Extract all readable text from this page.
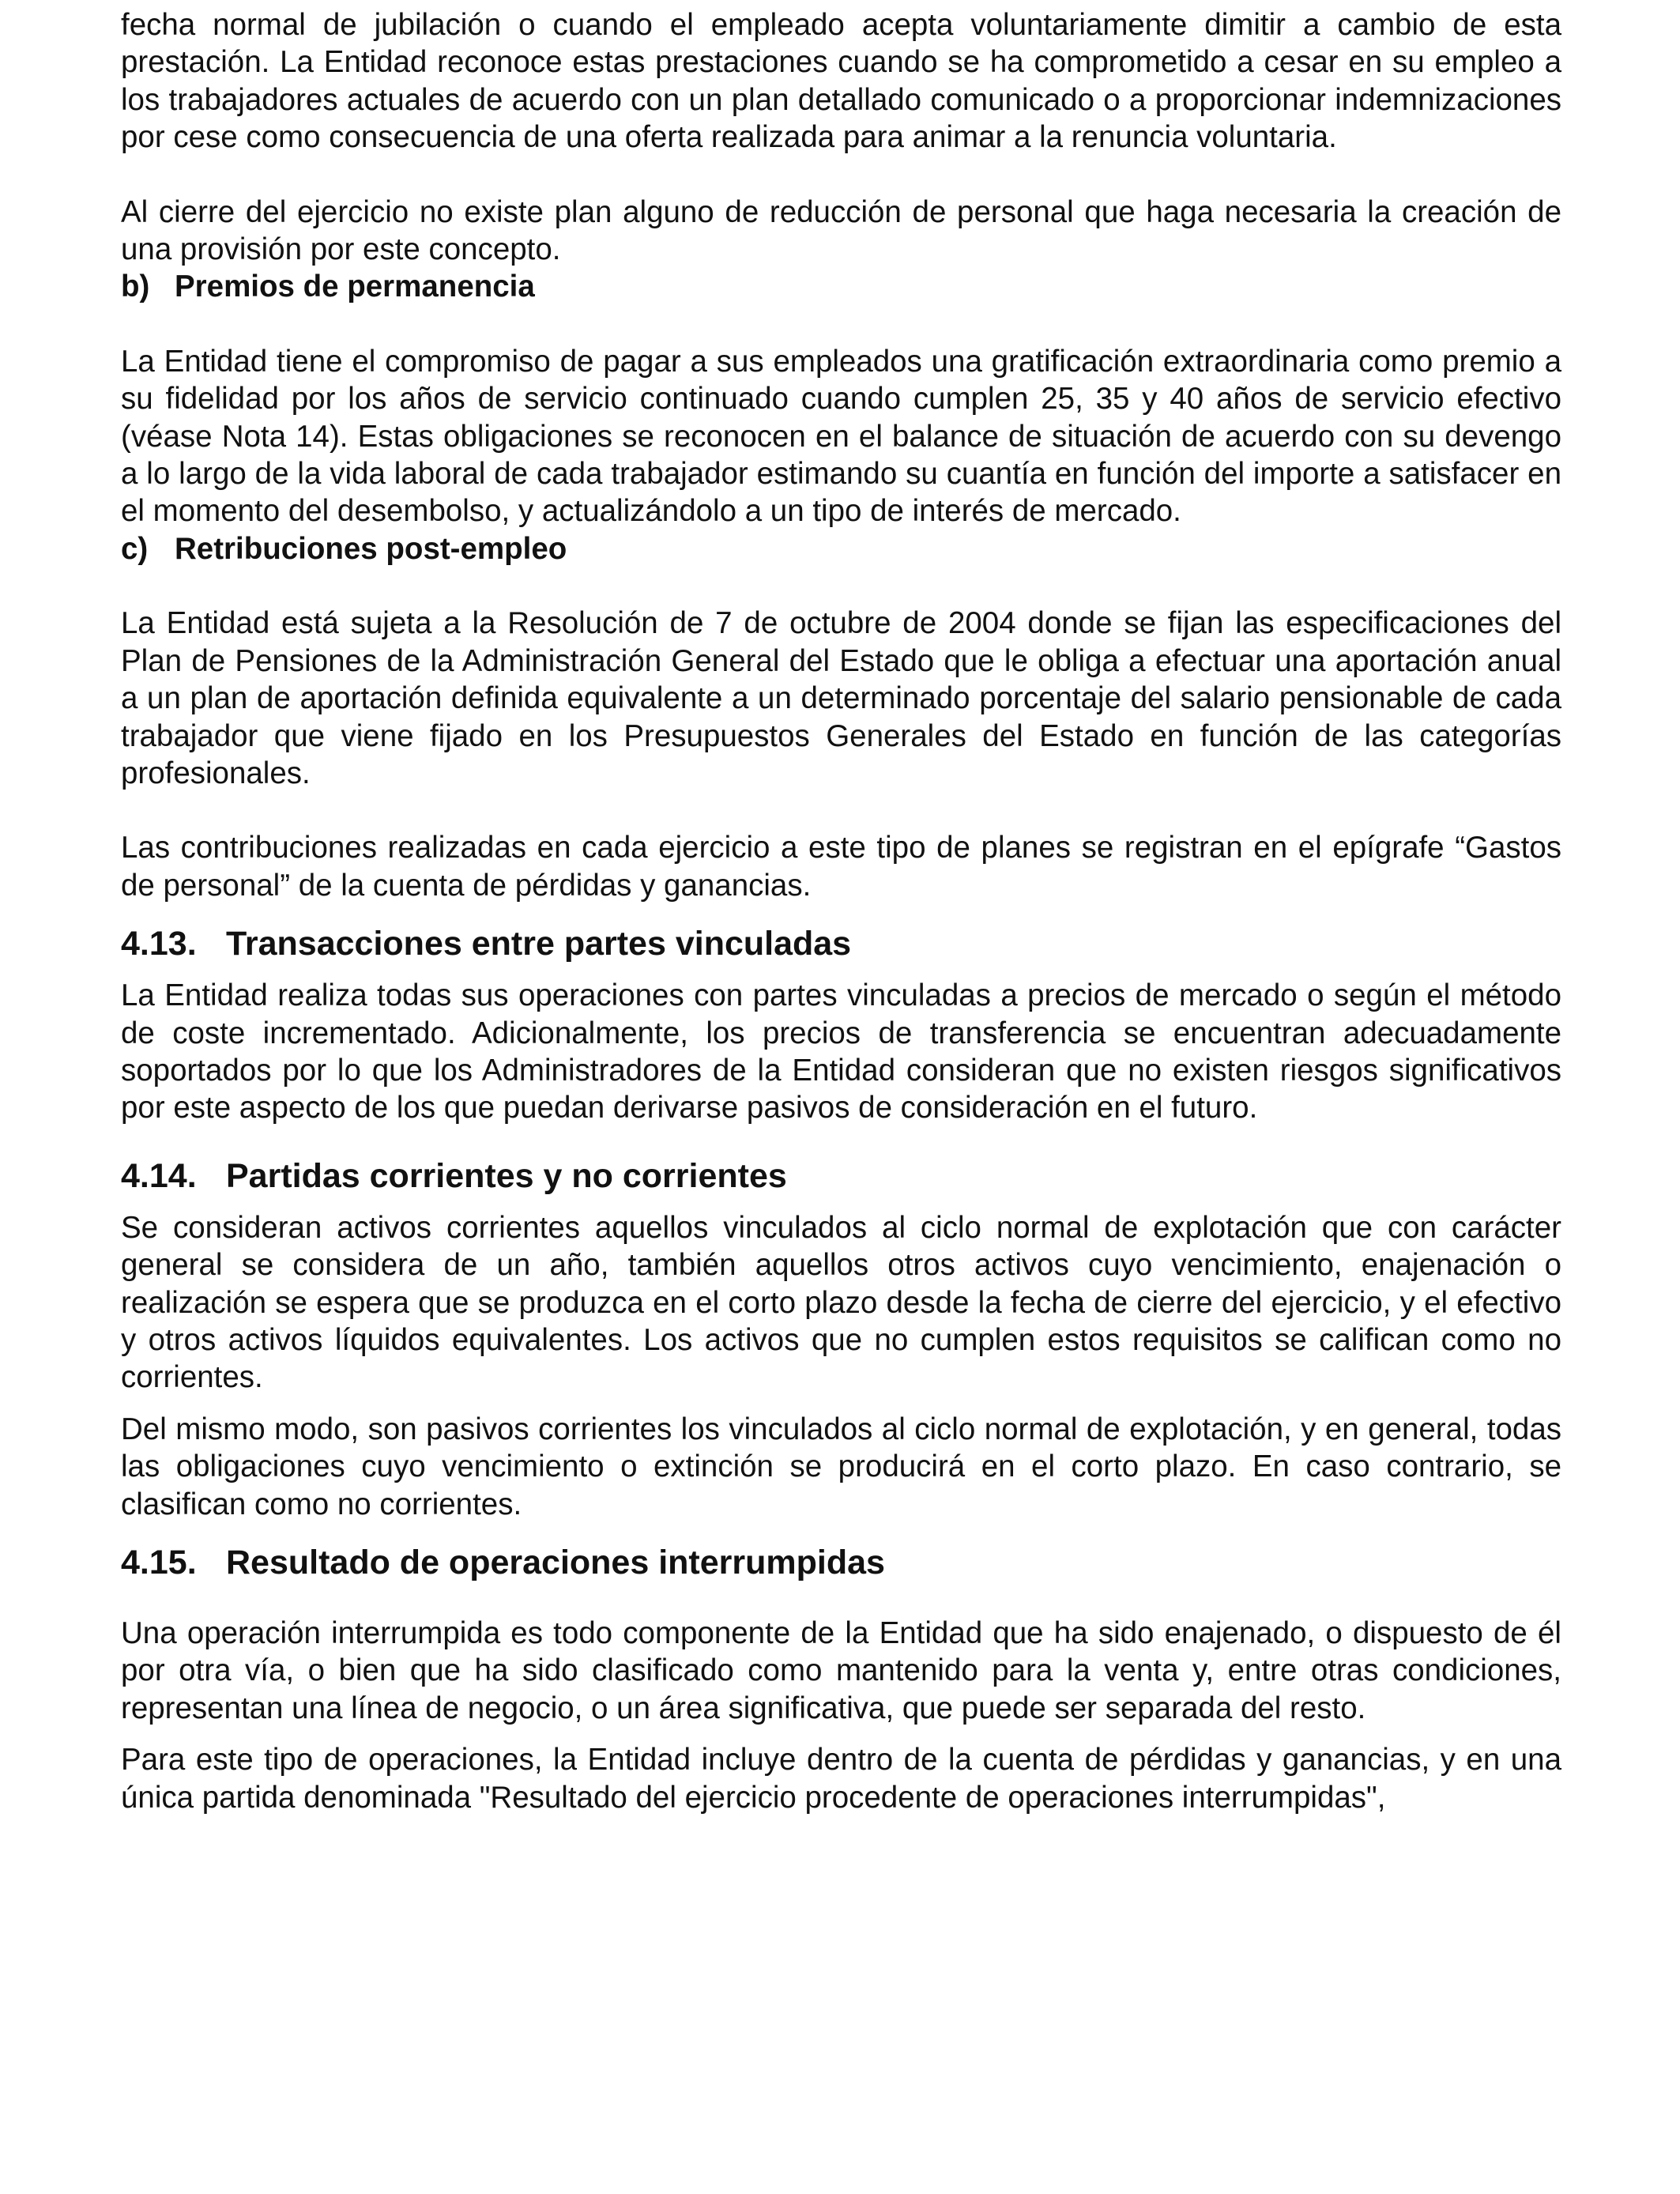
fecha normal de jubilación o cuando el empleado acepta voluntariamente dimitir a cambio de esta prestación. La Entidad reconoce estas prestaciones cuando se ha comprometido a cesar en su empleo a los trabajadores actuales de acuerdo con un plan detallado comunicado o a proporcionar indemnizaciones por cese como consecuencia de una oferta realizada para animar a la renuncia voluntaria.

Al cierre del ejercicio no existe plan alguno de reducción de personal que haga necesaria la creación de una provisión por este concepto.

b) Premios de permanencia

La Entidad tiene el compromiso de pagar a sus empleados una gratificación extraordinaria como premio a su fidelidad por los años de servicio continuado cuando cumplen 25, 35 y 40 años de servicio efectivo (véase Nota 14). Estas obligaciones se reconocen en el balance de situación de acuerdo con su devengo a lo largo de la vida laboral de cada trabajador estimando su cuantía en función del importe a satisfacer en el momento del desembolso, y actualizándolo a un tipo de interés de mercado.

c) Retribuciones post-empleo

La Entidad está sujeta a la Resolución de 7 de octubre de 2004 donde se fijan las especificaciones del Plan de Pensiones de la Administración General del Estado que le obliga a efectuar una aportación anual a un plan de aportación definida equivalente a un determinado porcentaje del salario pensionable de cada trabajador que viene fijado en los Presupuestos Generales del Estado en función de las categorías profesionales.

Las contribuciones realizadas en cada ejercicio a este tipo de planes se registran en el epígrafe “Gastos de personal” de la cuenta de pérdidas y ganancias.

4.13. Transacciones entre partes vinculadas

La Entidad realiza todas sus operaciones con partes vinculadas a precios de mercado o según el método de coste incrementado. Adicionalmente, los precios de transferencia se encuentran adecuadamente soportados por lo que los Administradores de la Entidad consideran que no existen riesgos significativos por este aspecto de los que puedan derivarse pasivos de consideración en el futuro.

4.14. Partidas corrientes y no corrientes

Se consideran activos corrientes aquellos vinculados al ciclo normal de explotación que con carácter general se considera de un año, también aquellos otros activos cuyo vencimiento, enajenación o realización se espera que se produzca en el corto plazo desde la fecha de cierre del ejercicio, y el efectivo y otros activos líquidos equivalentes. Los activos que no cumplen estos requisitos se califican como no corrientes.

Del mismo modo, son pasivos corrientes los vinculados al ciclo normal de explotación, y en general, todas las obligaciones cuyo vencimiento o extinción se producirá en el corto plazo. En caso contrario, se clasifican como no corrientes.

4.15. Resultado de operaciones interrumpidas

Una operación interrumpida es todo componente de la Entidad que ha sido enajenado, o dispuesto de él por otra vía, o bien que ha sido clasificado como mantenido para la venta y, entre otras condiciones, representan una línea de negocio, o un área significativa, que puede ser separada del resto.

Para este tipo de operaciones, la Entidad incluye dentro de la cuenta de pérdidas y ganancias, y en una única partida denominada "Resultado del ejercicio procedente de operaciones interrumpidas",
